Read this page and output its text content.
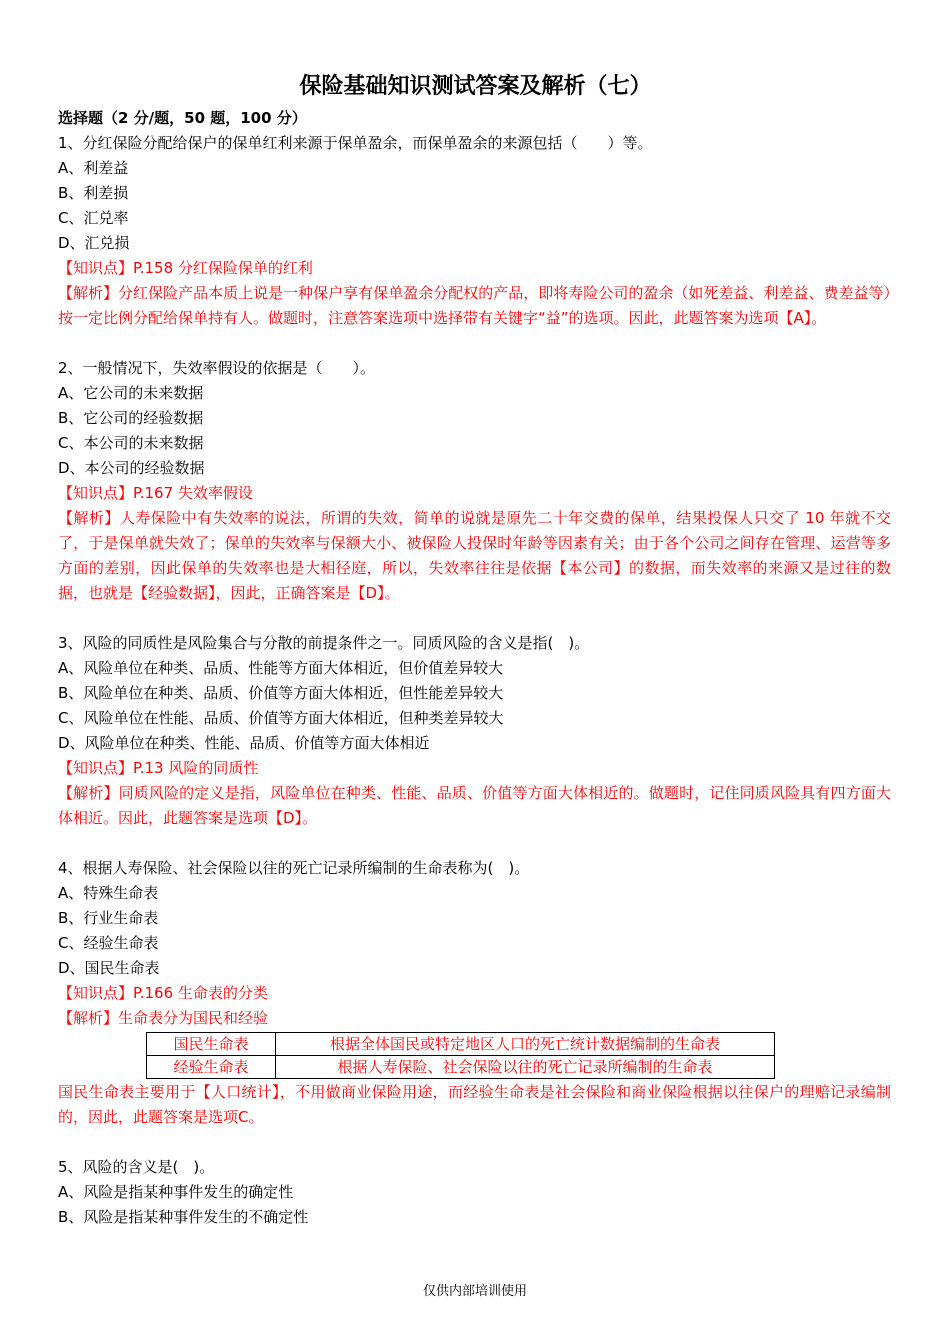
保险基础知识测试答案及解析（七）
选择题（2 分/题，50 题，100 分）
1、分红保险分配给保户的保单红利来源于保单盈余，而保单盈余的来源包括（　　）等。
A、利差益
B、利差损
C、汇兑率
D、汇兑损
【知识点】P.158 分红保险保单的红利
【解析】分红保险产品本质上说是一种保户享有保单盈余分配权的产品，即将寿险公司的盈余（如死差益、利差益、费差益等）按一定比例分配给保单持有人。做题时，注意答案选项中选择带有关键字“益”的选项。因此，此题答案为选项【A】。
2、一般情况下，失效率假设的依据是（　　）。
A、它公司的未来数据
B、它公司的经验数据
C、本公司的未来数据
D、本公司的经验数据
【知识点】P.167 失效率假设
【解析】人寿保险中有失效率的说法，所谓的失效，简单的说就是原先二十年交费的保单，结果投保人只交了 10 年就不交了，于是保单就失效了；保单的失效率与保额大小、被保险人投保时年龄等因素有关；由于各个公司之间存在管理、运营等多方面的差别，因此保单的失效率也是大相径庭，所以，失效率往往是依据【本公司】的数据，而失效率的来源又是过往的数据，也就是【经验数据】，因此，正确答案是【D】。
3、风险的同质性是风险集合与分散的前提条件之一。同质风险的含义是指(　)。
A、风险单位在种类、品质、性能等方面大体相近，但价值差异较大
B、风险单位在种类、品质、价值等方面大体相近，但性能差异较大
C、风险单位在性能、品质、价值等方面大体相近，但种类差异较大
D、风险单位在种类、性能、品质、价值等方面大体相近
【知识点】P.13 风险的同质性
【解析】同质风险的定义是指，风险单位在种类、性能、品质、价值等方面大体相近的。做题时，记住同质风险具有四方面大体相近。因此，此题答案是选项【D】。
4、根据人寿保险、社会保险以往的死亡记录所编制的生命表称为(　)。
A、特殊生命表
B、行业生命表
C、经验生命表
D、国民生命表
【知识点】P.166 生命表的分类
【解析】生命表分为国民和经验
国民生命表	根据全体国民或特定地区人口的死亡统计数据编制的生命表
经验生命表	根据人寿保险、社会保险以往的死亡记录所编制的生命表
国民生命表主要用于【人口统计】，不用做商业保险用途，而经验生命表是社会保险和商业保险根据以往保户的理赔记录编制的，因此，此题答案是选项C。
5、风险的含义是(　)。
A、风险是指某种事件发生的确定性
B、风险是指某种事件发生的不确定性
仅供内部培训使用
